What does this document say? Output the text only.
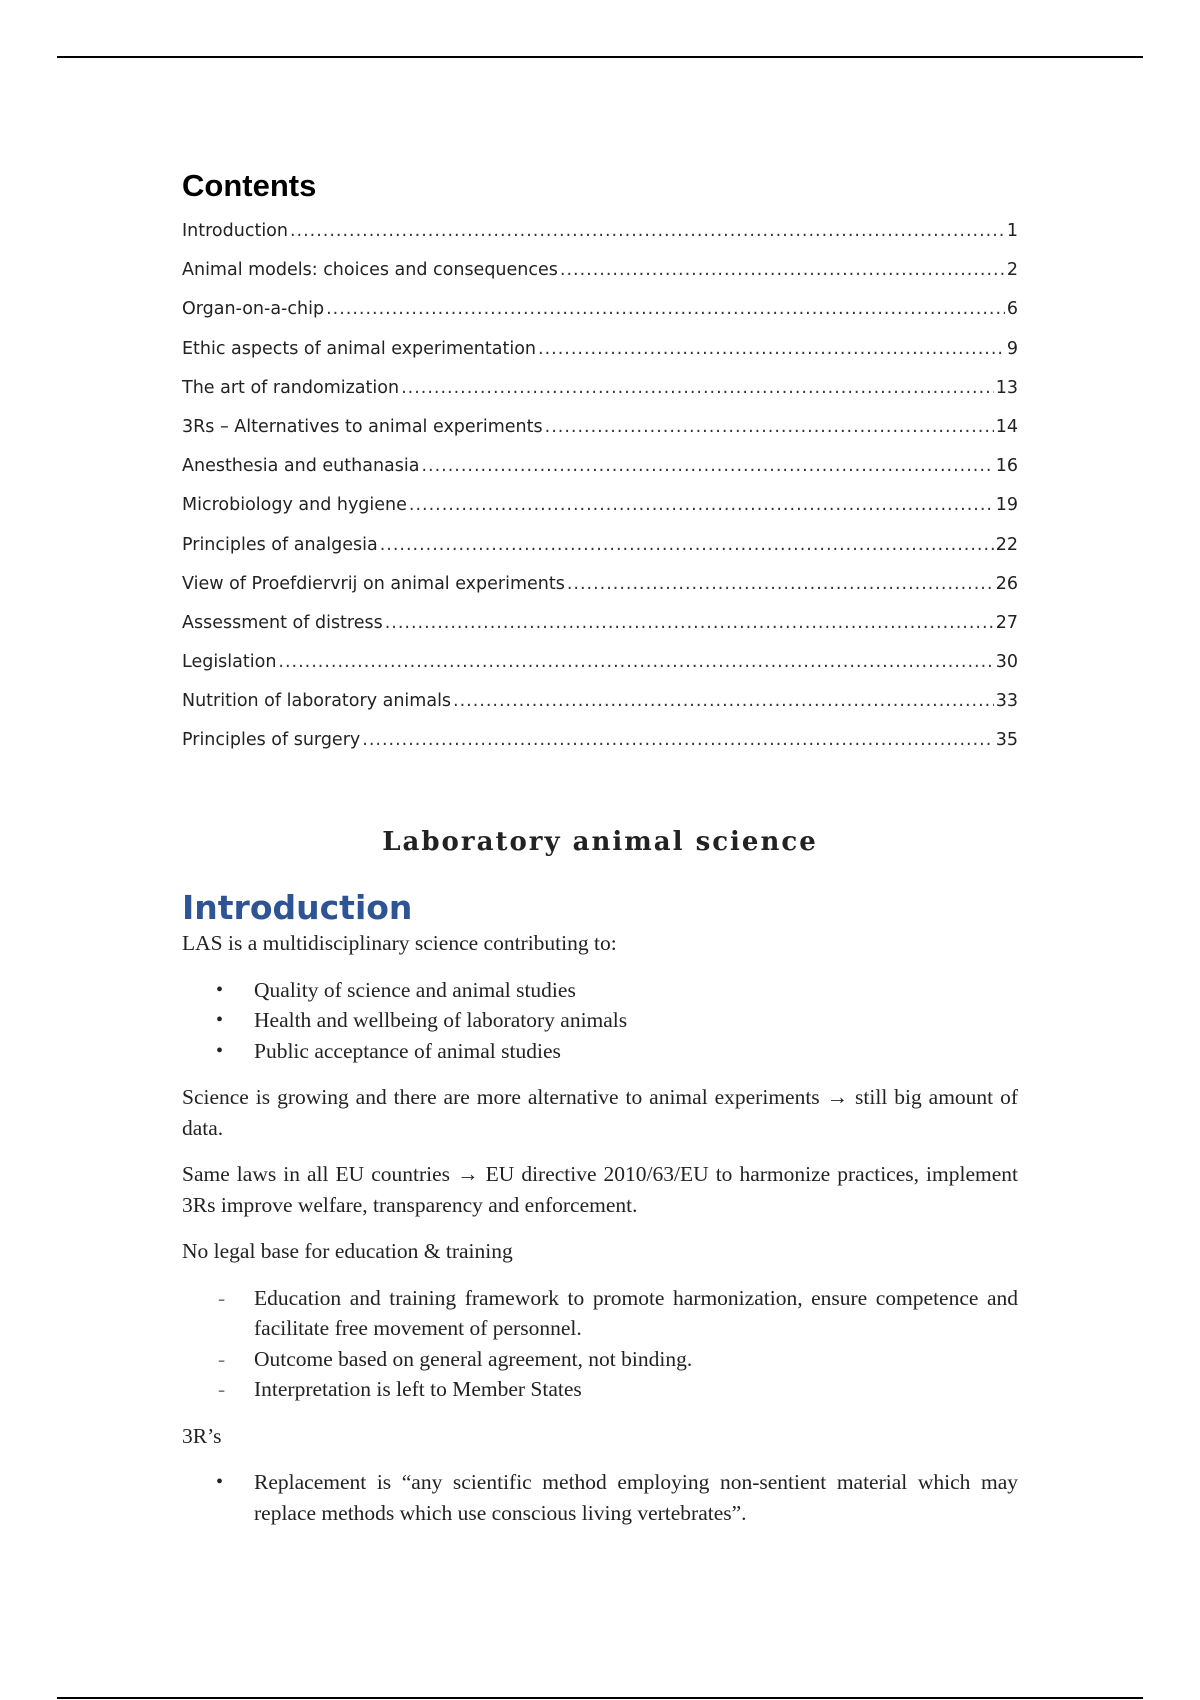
Contents
Introduction .....	1
Animal models: choices and consequences .....	2
Organ-on-a-chip .....	6
Ethic aspects of animal experimentation .....	9
The art of randomization .....	13
3Rs – Alternatives to animal experiments .....	14
Anesthesia and euthanasia .....	16
Microbiology and hygiene .....	19
Principles of analgesia .....	22
View of Proefdiervrij on animal experiments .....	26
Assessment of distress .....	27
Legislation .....	30
Nutrition of laboratory animals .....	33
Principles of surgery .....	35
Laboratory animal science
Introduction

LAS is a multidisciplinary science contributing to:

• Quality of science and animal studies
• Health and wellbeing of laboratory animals
• Public acceptance of animal studies

Science is growing and there are more alternative to animal experiments → still big amount of data.

Same laws in all EU countries → EU directive 2010/63/EU to harmonize practices, implement 3Rs improve welfare, transparency and enforcement.

No legal base for education & training

- Education and training framework to promote harmonization, ensure competence and facilitate free movement of personnel.
- Outcome based on general agreement, not binding.
- Interpretation is left to Member States

3R’s

• Replacement is “any scientific method employing non-sentient material which may replace methods which use conscious living vertebrates”.
